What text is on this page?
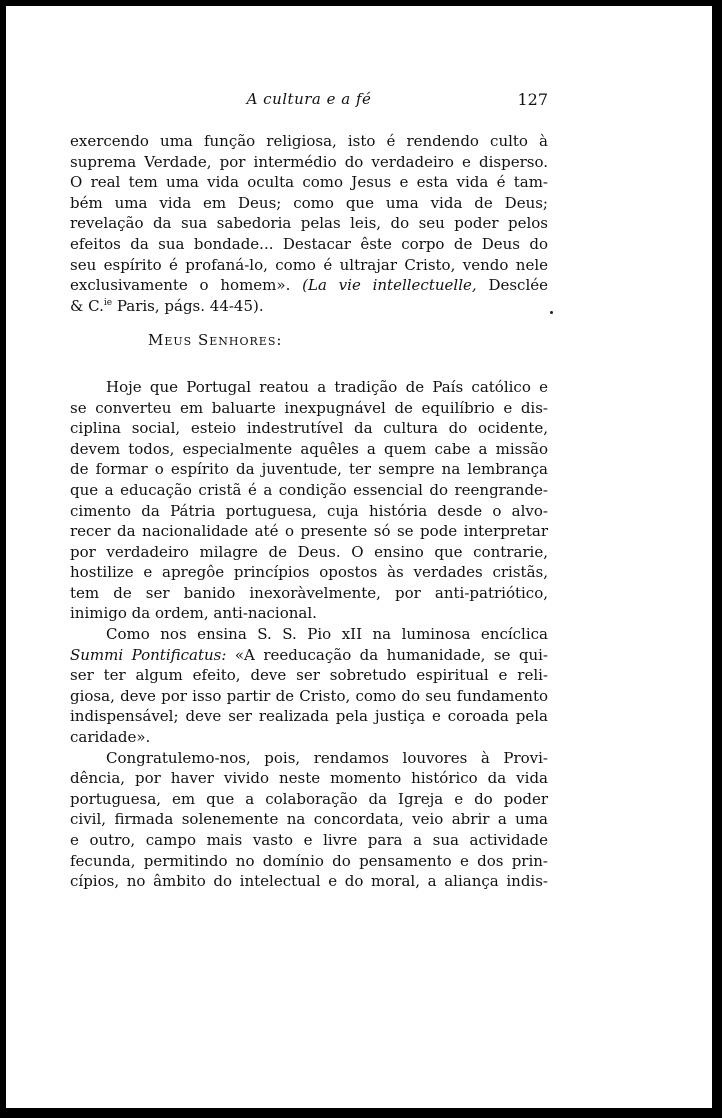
A cultura e a fé	127
exercendo uma função religiosa, isto é rendendo culto à
suprema Verdade, por intermédio do verdadeiro e disperso.
O real tem uma vida oculta como Jesus e esta vida é tam-
bém uma vida em Deus; como que uma vida de Deus;
revelação da sua sabedoria pelas leis, do seu poder pelos
efeitos da sua bondade... Destacar êste corpo de Deus do
seu espírito é profaná-lo, como é ultrajar Cristo, vendo nele
exclusivamente o homem». (La vie intellectuelle, Desclée
& C.$^{ie}$ Paris, págs. 44-45).
Meus Senhores:
Hoje que Portugal reatou a tradição de País católico e
se converteu em baluarte inexpugnável de equilíbrio e dis-
ciplina social, esteio indestrutível da cultura do ocidente,
devem todos, especialmente aquêles a quem cabe a missão
de formar o espírito da juventude, ter sempre na lembrança
que a educação cristã é a condição essencial do reengrande-
cimento da Pátria portuguesa, cuja história desde o alvo-
recer da nacionalidade até o presente só se pode interpretar
por verdadeiro milagre de Deus. O ensino que contrarie,
hostilize e apregôe princípios opostos às verdades cristãs,
tem de ser banido inexoràvelmente, por anti-patriótico,
inimigo da ordem, anti-nacional.
Como nos ensina S. S. Pio xII na luminosa encíclica
Summi Pontificatus: «A reeducação da humanidade, se qui-
ser ter algum efeito, deve ser sobretudo espiritual e reli-
giosa, deve por isso partir de Cristo, como do seu fundamento
indispensável; deve ser realizada pela justiça e coroada pela
caridade».
Congratulemo-nos, pois, rendamos louvores à Provi-
dência, por haver vivido neste momento histórico da vida
portuguesa, em que a colaboração da Igreja e do poder
civil, firmada solenemente na concordata, veio abrir a uma
e outro, campo mais vasto e livre para a sua actividade
fecunda, permitindo no domínio do pensamento e dos prin-
cípios, no âmbito do intelectual e do moral, a aliança indis-
